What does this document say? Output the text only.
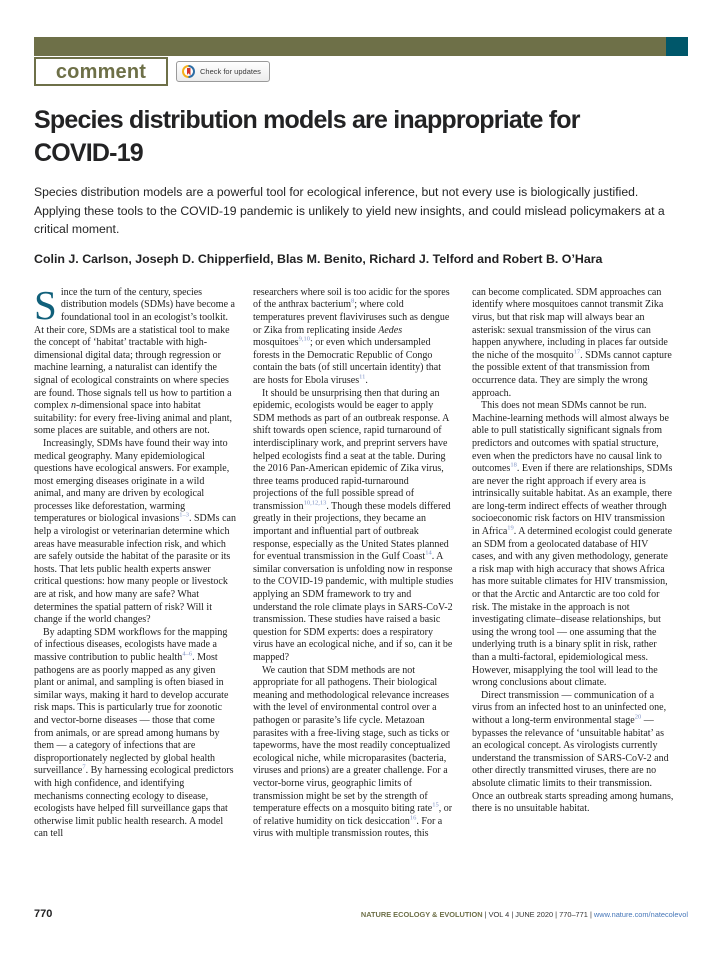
comment	Check for updates
Species distribution models are inappropriate for
COVID-19
Species distribution models are a powerful tool for ecological inference, but not every use is biologically justified. Applying these tools to the COVID-19 pandemic is unlikely to yield new insights, and could mislead policymakers at a critical moment.
Colin J. Carlson, Joseph D. Chipperfield, Blas M. Benito, Richard J. Telford and Robert B. O’Hara

Since the turn of the century, species distribution models (SDMs) have become a foundational tool in an ecologist’s toolkit. At their core, SDMs are a statistical tool to make the concept of ‘habitat’ tractable with high-dimensional digital data; through regression or machine learning, a naturalist can identify the signal of ecological constraints on where species are found. Those signals tell us how to partition a complex n-dimensional space into habitat suitability: for every free-living animal and plant, some places are suitable, and others are not.

Increasingly, SDMs have found their way into medical geography. Many epidemiological questions have ecological answers. For example, most emerging diseases originate in a wild animal, and many are driven by ecological processes like deforestation, warming temperatures or biological invasions$^{1-3}$. SDMs can help a virologist or veterinarian determine which areas have measurable infection risk, and which are safely outside the habitat of the parasite or its hosts. That lets public health experts answer critical questions: how many people or livestock are at risk, and how many are safe? What determines the spatial pattern of risk? Will it change if the world changes?

By adapting SDM workflows for the mapping of infectious diseases, ecologists have made a massive contribution to public health$^{4-6}$. Most pathogens are as poorly mapped as any given plant or animal, and sampling is often biased in similar ways, making it hard to develop accurate risk maps. This is particularly true for zoonotic and vector-borne diseases — those that come from animals, or are spread among humans by them — a category of infections that are disproportionately neglected by global health surveillance$^7$. By harnessing ecological predictors with high confidence, and identifying mechanisms connecting ecology to disease, ecologists have helped fill surveillance gaps that otherwise limit public health research. A model can tell

researchers where soil is too acidic for the spores of the anthrax bacterium$^8$; where cold temperatures prevent flaviviruses such as dengue or Zika from replicating inside Aedes mosquitoes$^{9,10}$; or even which undersampled forests in the Democratic Republic of Congo contain the bats (of still uncertain identity) that are hosts for Ebola viruses$^{11}$.

It should be unsurprising then that during an epidemic, ecologists would be eager to apply SDM methods as part of an outbreak response. A shift towards open science, rapid turnaround of interdisciplinary work, and preprint servers have helped ecologists find a seat at the table. During the 2016 Pan-American epidemic of Zika virus, three teams produced rapid-turnaround projections of the full possible spread of transmission$^{10,12,13}$. Though these models differed greatly in their projections, they became an important and influential part of outbreak response, especially as the United States planned for eventual transmission in the Gulf Coast$^{14}$. A similar conversation is unfolding now in response to the COVID-19 pandemic, with multiple studies applying an SDM framework to try and understand the role climate plays in SARS-CoV-2 transmission. These studies have raised a basic question for SDM experts: does a respiratory virus have an ecological niche, and if so, can it be mapped?

We caution that SDM methods are not appropriate for all pathogens. Their biological meaning and methodological relevance increases with the level of environmental control over a pathogen or parasite’s life cycle. Metazoan parasites with a free-living stage, such as ticks or tapeworms, have the most readily conceptualized ecological niche, while microparasites (bacteria, viruses and prions) are a greater challenge. For a vector-borne virus, geographic limits of transmission might be set by the strength of temperature effects on a mosquito biting rate$^{15}$, or of relative humidity on tick desiccation$^{16}$. For a virus with multiple transmission routes, this

can become complicated. SDM approaches can identify where mosquitoes cannot transmit Zika virus, but that risk map will always bear an asterisk: sexual transmission of the virus can happen anywhere, including in places far outside the niche of the mosquito$^{17}$. SDMs cannot capture the possible extent of that transmission from occurrence data. They are simply the wrong approach.

This does not mean SDMs cannot be run. Machine-learning methods will almost always be able to pull statistically significant signals from predictors and outcomes with spatial structure, even when the predictors have no causal link to outcomes$^{18}$. Even if there are relationships, SDMs are never the right approach if every area is intrinsically suitable habitat. As an example, there are long-term indirect effects of weather through socioeconomic risk factors on HIV transmission in Africa$^{19}$. A determined ecologist could generate an SDM from a geolocated database of HIV cases, and with any given methodology, generate a risk map with high accuracy that shows Africa has more suitable climates for HIV transmission, or that the Arctic and Antarctic are too cold for risk. The mistake in the approach is not investigating climate–disease relationships, but using the wrong tool — one assuming that the underlying truth is a binary split in risk, rather than a multi-factoral, epidemiological mess. However, misapplying the tool will lead to the wrong conclusions about climate.

Direct transmission — communication of a virus from an infected host to an uninfected one, without a long-term environmental stage$^{20}$ — bypasses the relevance of ‘unsuitable habitat’ as an ecological concept. As virologists currently understand the transmission of SARS-CoV-2 and other directly transmitted viruses, there are no absolute climatic limits to their transmission. Once an outbreak starts spreading among humans, there is no unsuitable habitat.

770	NATURE ECOLOGY & EVOLUTION | VOL 4 | JUNE 2020 | 770–771 | www.nature.com/natecolevol
